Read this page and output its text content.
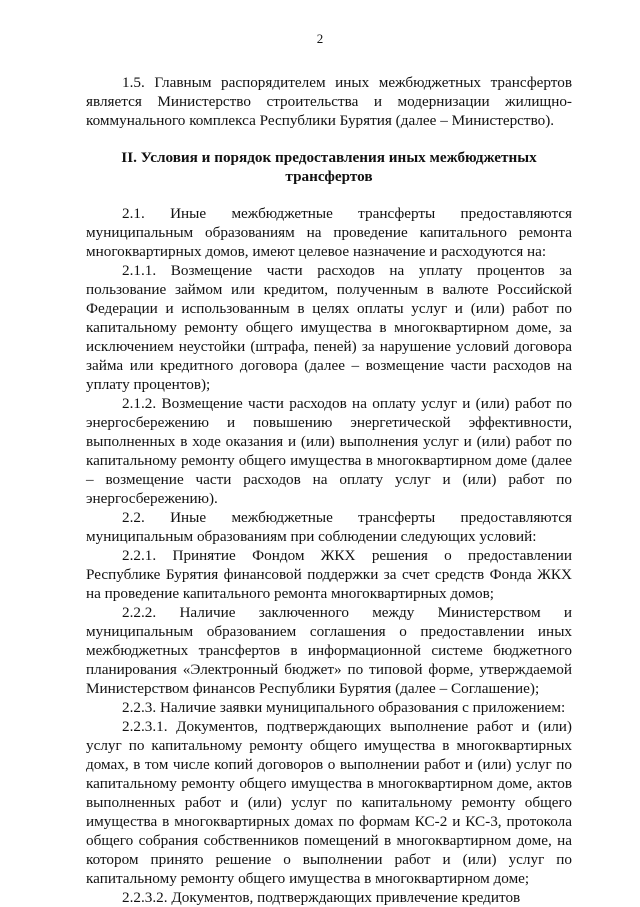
2

1.5. Главным распорядителем иных межбюджетных трансфертов является Министерство строительства и модернизации жилищно-коммунального комплекса Республики Бурятия (далее – Министерство).

II. Условия и порядок предоставления иных межбюджетных трансфертов

2.1. Иные межбюджетные трансферты предоставляются муниципальным образованиям на проведение капитального ремонта многоквартирных домов, имеют целевое назначение и расходуются на:

2.1.1. Возмещение части расходов на уплату процентов за пользование займом или кредитом, полученным в валюте Российской Федерации и использованным в целях оплаты услуг и (или) работ по капитальному ремонту общего имущества в многоквартирном доме, за исключением неустойки (штрафа, пеней) за нарушение условий договора займа или кредитного договора (далее – возмещение части расходов на уплату процентов);

2.1.2. Возмещение части расходов на оплату услуг и (или) работ по энергосбережению и повышению энергетической эффективности, выполненных в ходе оказания и (или) выполнения услуг и (или) работ по капитальному ремонту общего имущества в многоквартирном доме (далее – возмещение части расходов на оплату услуг и (или) работ по энергосбережению).

2.2. Иные межбюджетные трансферты предоставляются муниципальным образованиям при соблюдении следующих условий:

2.2.1. Принятие Фондом ЖКХ решения о предоставлении Республике Бурятия финансовой поддержки за счет средств Фонда ЖКХ на проведение капитального ремонта многоквартирных домов;

2.2.2. Наличие заключенного между Министерством и муниципальным образованием соглашения о предоставлении иных межбюджетных трансфертов в информационной системе бюджетного планирования «Электронный бюджет» по типовой форме, утверждаемой Министерством финансов Республики Бурятия (далее – Соглашение);

2.2.3. Наличие заявки муниципального образования с приложением:

2.2.3.1. Документов, подтверждающих выполнение работ и (или) услуг по капитальному ремонту общего имущества в многоквартирных домах, в том числе копий договоров о выполнении работ и (или) услуг по капитальному ремонту общего имущества в многоквартирном доме, актов выполненных работ и (или) услуг по капитальному ремонту общего имущества в многоквартирных домах по формам КС-2 и КС-3, протокола общего собрания собственников помещений в многоквартирном доме, на котором принято решение о выполнении работ и (или) услуг по капитальному ремонту общего имущества в многоквартирном доме;

2.2.3.2. Документов, подтверждающих привлечение кредитов
